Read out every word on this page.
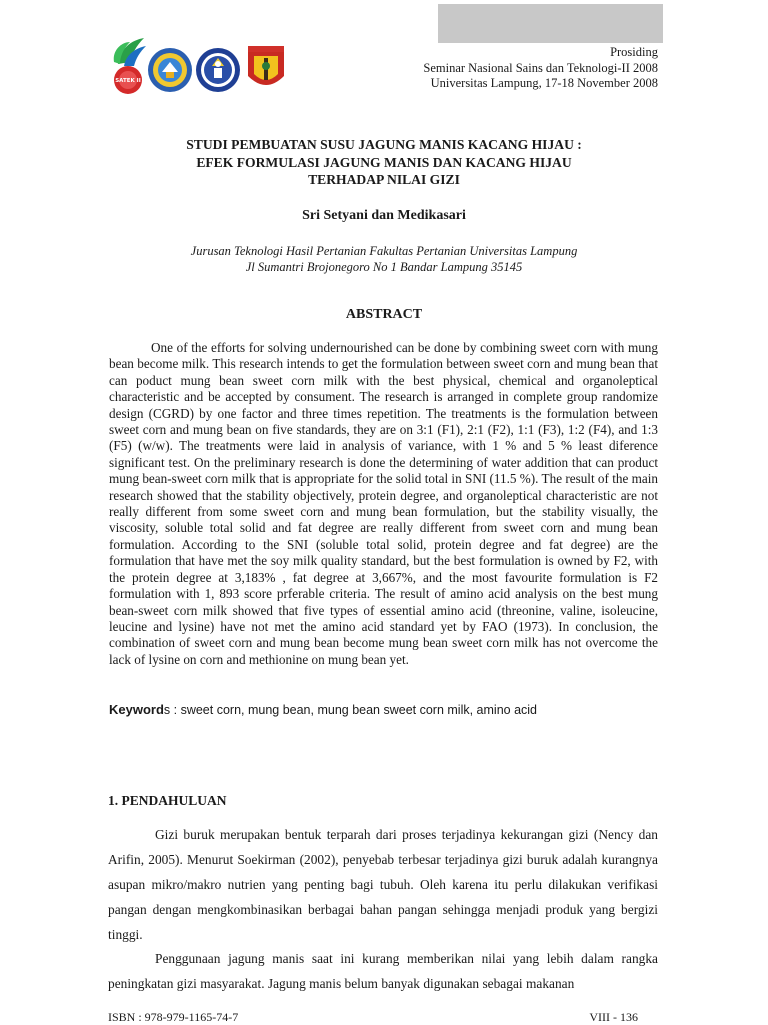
SATEK II
Prosiding
Seminar Nasional Sains dan Teknologi-II 2008
Universitas Lampung, 17-18 November 2008
STUDI PEMBUATAN SUSU JAGUNG MANIS KACANG HIJAU :
EFEK FORMULASI JAGUNG MANIS DAN KACANG HIJAU
TERHADAP NILAI GIZI
Sri Setyani dan Medikasari
Jurusan Teknologi Hasil Pertanian Fakultas Pertanian Universitas Lampung
Jl Sumantri Brojonegoro No 1 Bandar Lampung 35145
ABSTRACT

One of the efforts for solving undernourished can be done by combining sweet corn with mung bean become milk. This research intends to get the formulation between sweet corn and mung bean that can poduct mung bean sweet corn milk with the best physical, chemical and organoleptical characteristic and be accepted by consument. The research is arranged in complete group randomize design (CGRD) by one factor and three times repetition. The treatments is the formulation between sweet corn and mung bean on five standards, they are on 3:1 (F1), 2:1 (F2), 1:1 (F3), 1:2 (F4), and 1:3 (F5) (w/w). The treatments were laid in analysis of variance, with 1 % and 5 % least diference significant test. On the preliminary research is done the determining of water addition that can product mung bean-sweet corn milk that is appropriate for the solid total in SNI (11.5 %). The result of the main research showed that the stability objectively, protein degree, and organoleptical characteristic are not really different from some sweet corn and mung bean formulation, but the stability visually, the viscosity, soluble total solid and fat degree are really different from sweet corn and mung bean formulation. According to the SNI (soluble total solid, protein degree and fat degree) are the formulation that have met the soy milk quality standard, but the best formulation is owned by F2, with the protein degree at 3,183% , fat degree at 3,667%, and the most favourite formulation is F2 formulation with 1, 893 score prferable criteria. The result of amino acid analysis on the best mung bean-sweet corn milk showed that five types of essential amino acid (threonine, valine, isoleucine, leucine and lysine) have not met the amino acid standard yet by FAO (1973). In conclusion, the combination of sweet corn and mung bean become mung bean sweet corn milk has not overcome the lack of lysine on corn and methionine on mung bean yet.

Keywords : sweet corn, mung bean, mung bean sweet corn milk, amino acid
1. PENDAHULUAN

Gizi buruk merupakan bentuk terparah dari proses terjadinya kekurangan gizi (Nency dan Arifin, 2005). Menurut Soekirman (2002), penyebab terbesar terjadinya gizi buruk adalah kurangnya asupan mikro/makro nutrien yang penting bagi tubuh. Oleh karena itu perlu dilakukan verifikasi pangan dengan mengkombinasikan berbagai bahan pangan sehingga menjadi produk yang bergizi tinggi.

Penggunaan jagung manis saat ini kurang memberikan nilai yang lebih dalam rangka peningkatan gizi masyarakat. Jagung manis belum banyak digunakan sebagai makanan

ISBN : 978-979-1165-74-7	VIII - 136
